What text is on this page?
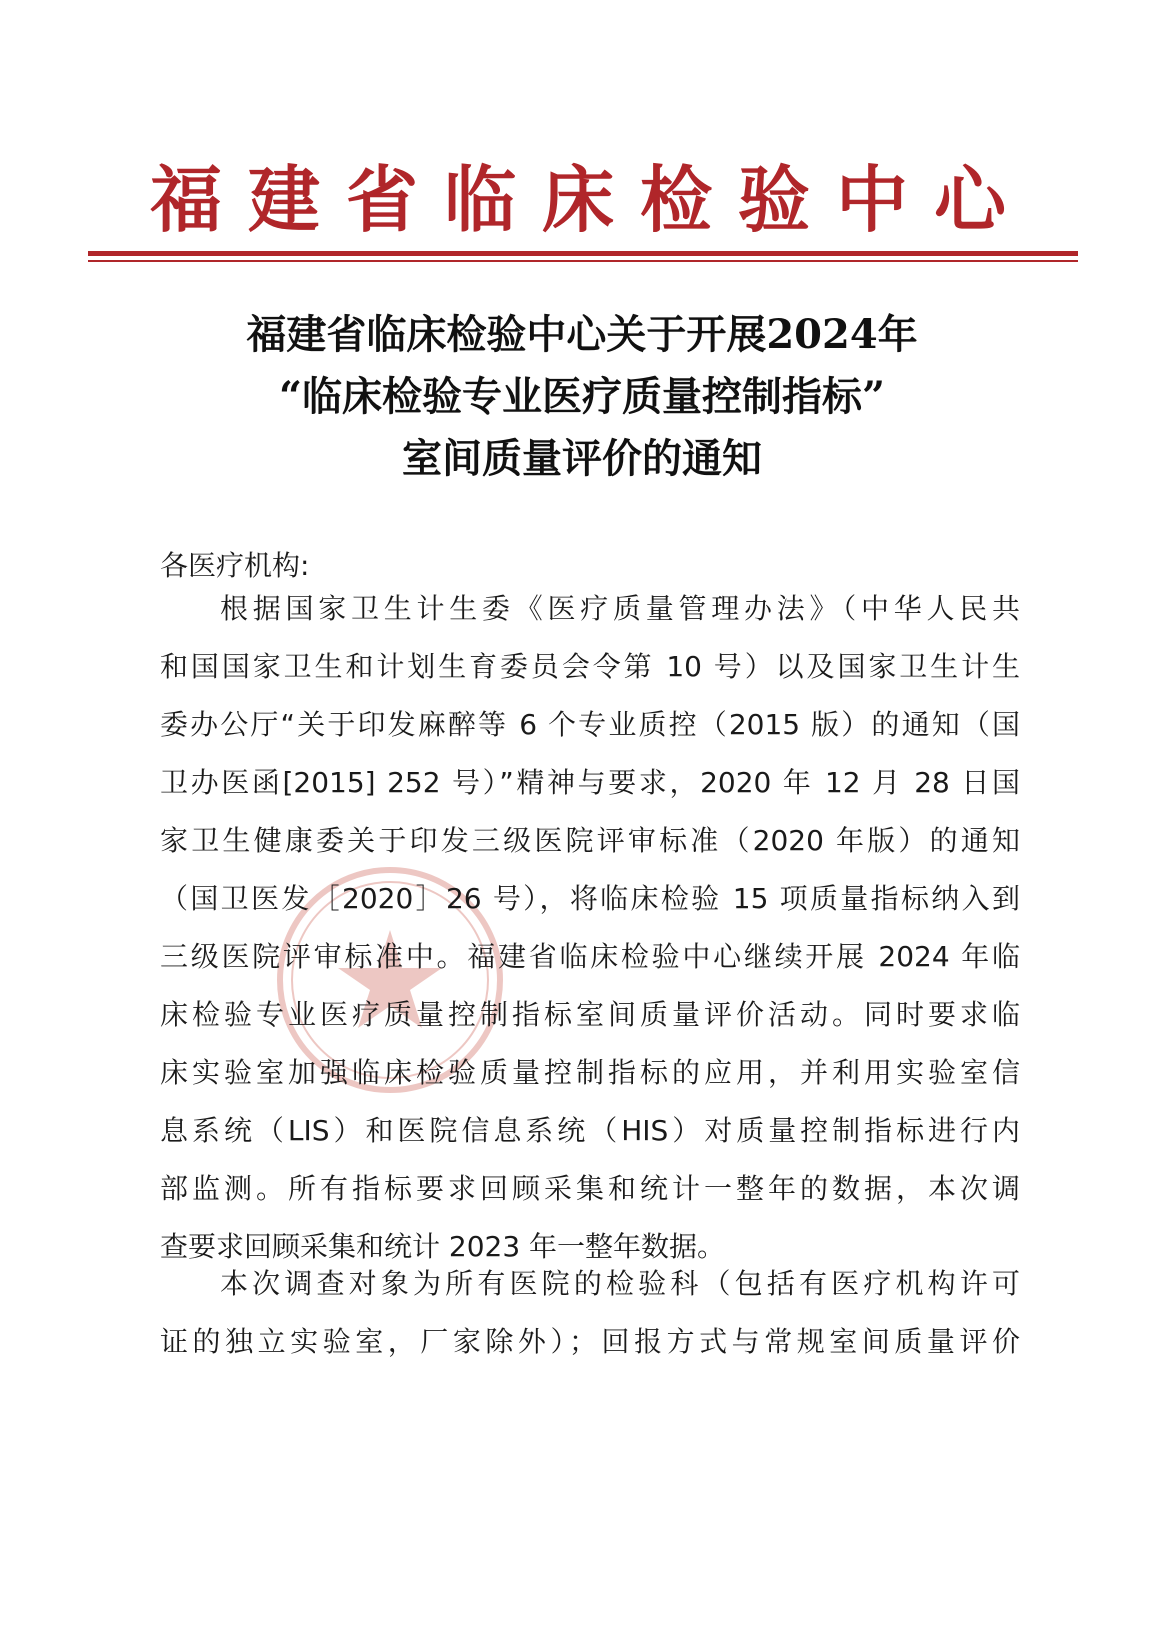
福建省临床检验中心
福建省临床检验中心关于开展2024年
“临床检验专业医疗质量控制指标”
室间质量评价的通知
各医疗机构:
根据国家卫生计生委《医疗质量管理办法》（中华人民共
和国国家卫生和计划生育委员会令第 10 号）以及国家卫生计生
委办公厅“关于印发麻醉等 6 个专业质控（2015 版）的通知（国
卫办医函[2015] 252 号）”精神与要求，2020 年 12 月 28 日国
家卫生健康委关于印发三级医院评审标准（2020 年版）的通知
（国卫医发［2020］26 号），将临床检验 15 项质量指标纳入到
三级医院评审标准中。福建省临床检验中心继续开展 2024 年临
床检验专业医疗质量控制指标室间质量评价活动。同时要求临
床实验室加强临床检验质量控制指标的应用，并利用实验室信
息系统（LIS）和医院信息系统（HIS）对质量控制指标进行内
部监测。所有指标要求回顾采集和统计一整年的数据，本次调
查要求回顾采集和统计 2023 年一整年数据。
本次调查对象为所有医院的检验科（包括有医疗机构许可
证的独立实验室，厂家除外）；回报方式与常规室间质量评价
